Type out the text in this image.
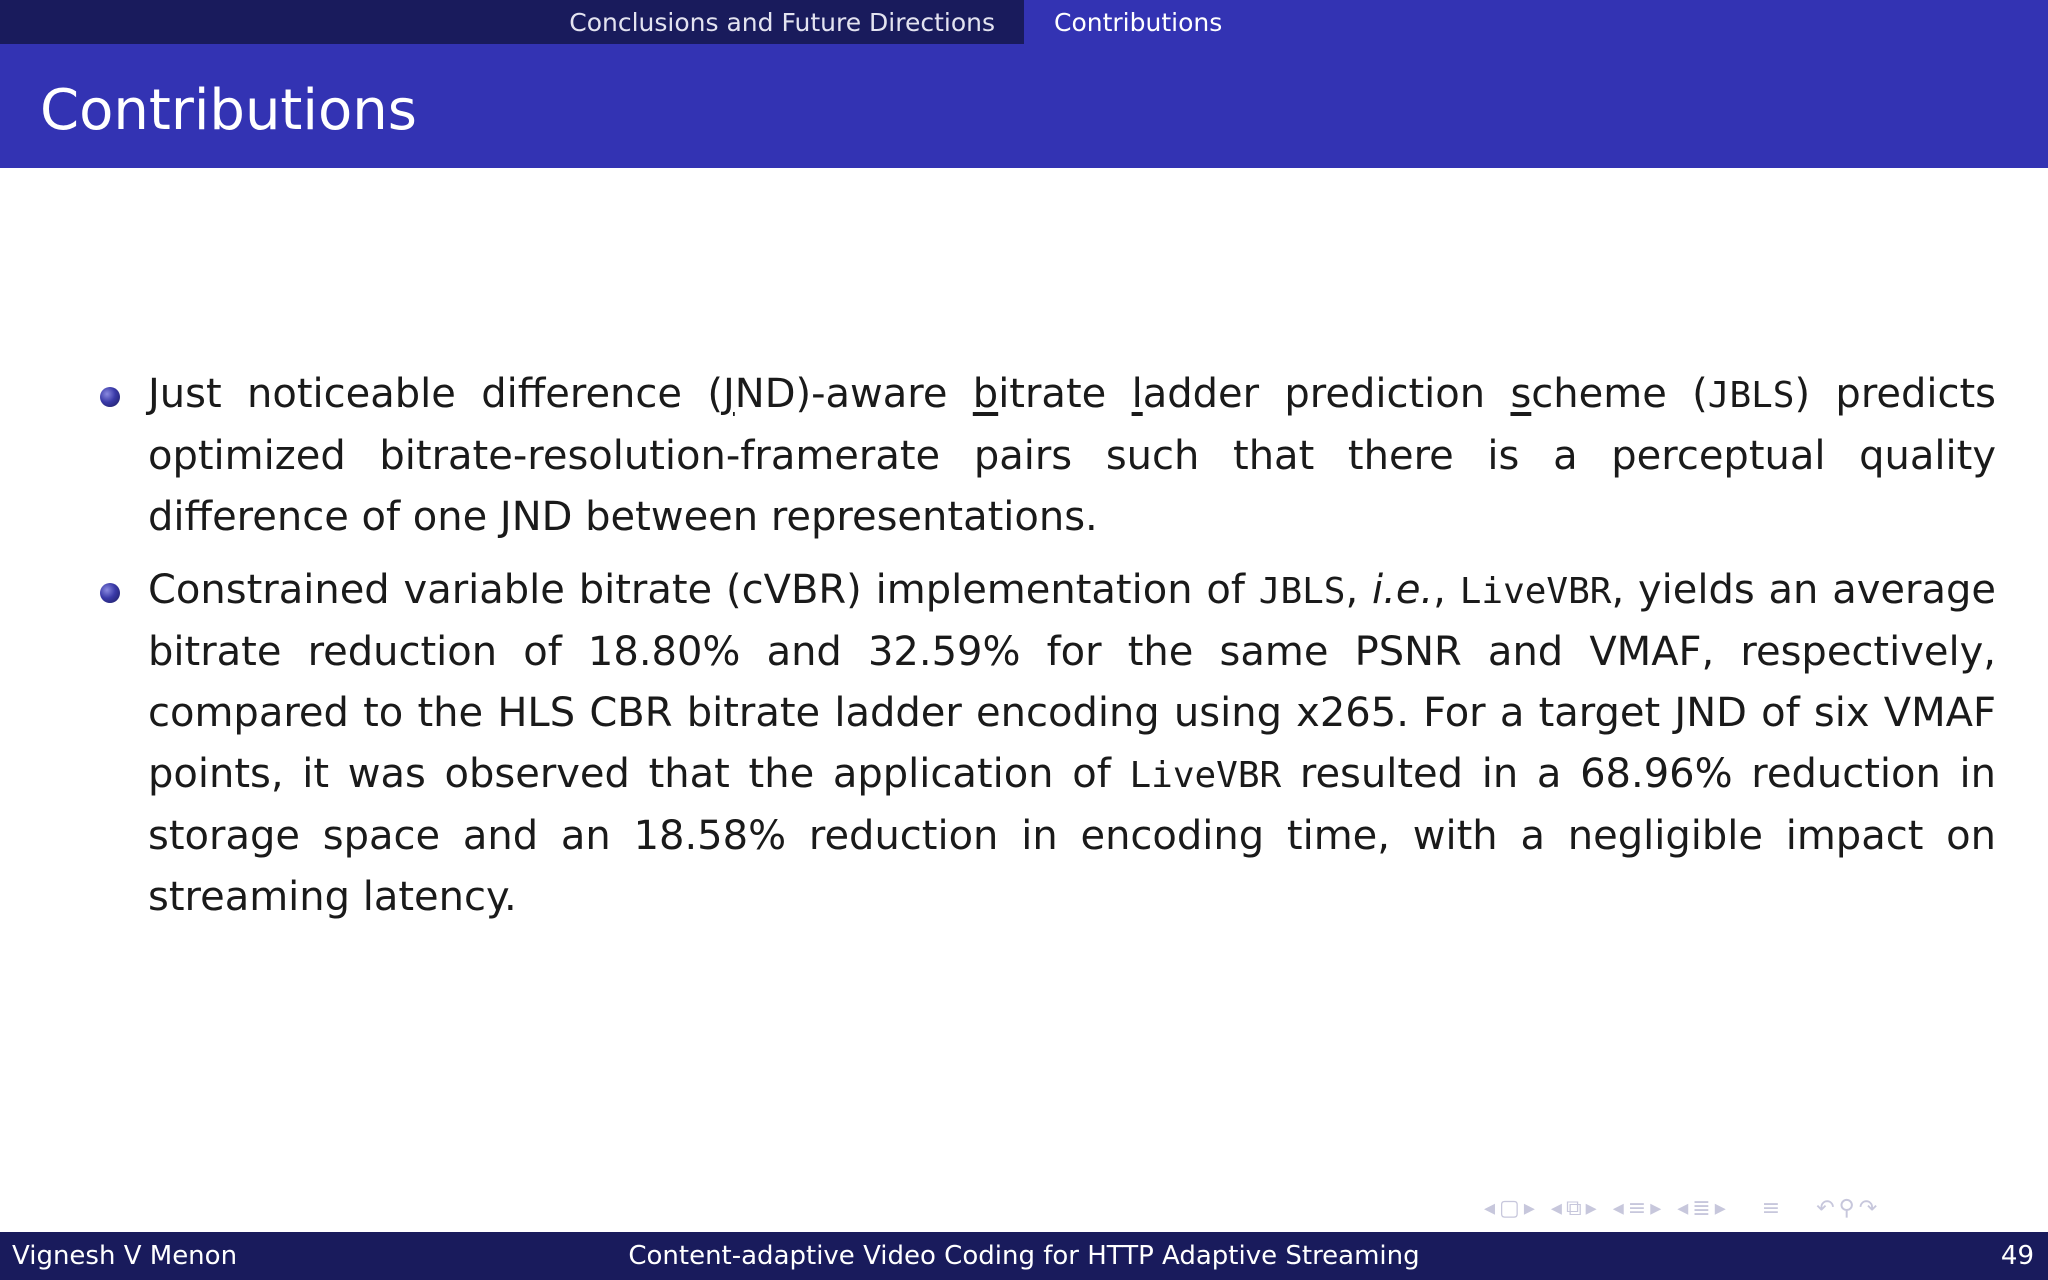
Conclusions and Future Directions Contributions
Contributions
Just noticeable difference (JND)-aware bitrate ladder prediction scheme (JBLS) predicts optimized bitrate-resolution-framerate pairs such that there is a perceptual quality difference of one JND between representations.
Constrained variable bitrate (cVBR) implementation of JBLS, i.e., LiveVBR, yields an average bitrate reduction of 18.80% and 32.59% for the same PSNR and VMAF, respectively, compared to the HLS CBR bitrate ladder encoding using x265. For a target JND of six VMAF points, it was observed that the application of LiveVBR resulted in a 68.96% reduction in storage space and an 18.58% reduction in encoding time, with a negligible impact on streaming latency.
◂ ▢ ▸ ◂ ⧉ ▸ ◂ ≡ ▸ ◂ ≣ ▸ ≡ ↶ ⚲ ↷
Vignesh V Menon	Content-adaptive Video Coding for HTTP Adaptive Streaming	49
